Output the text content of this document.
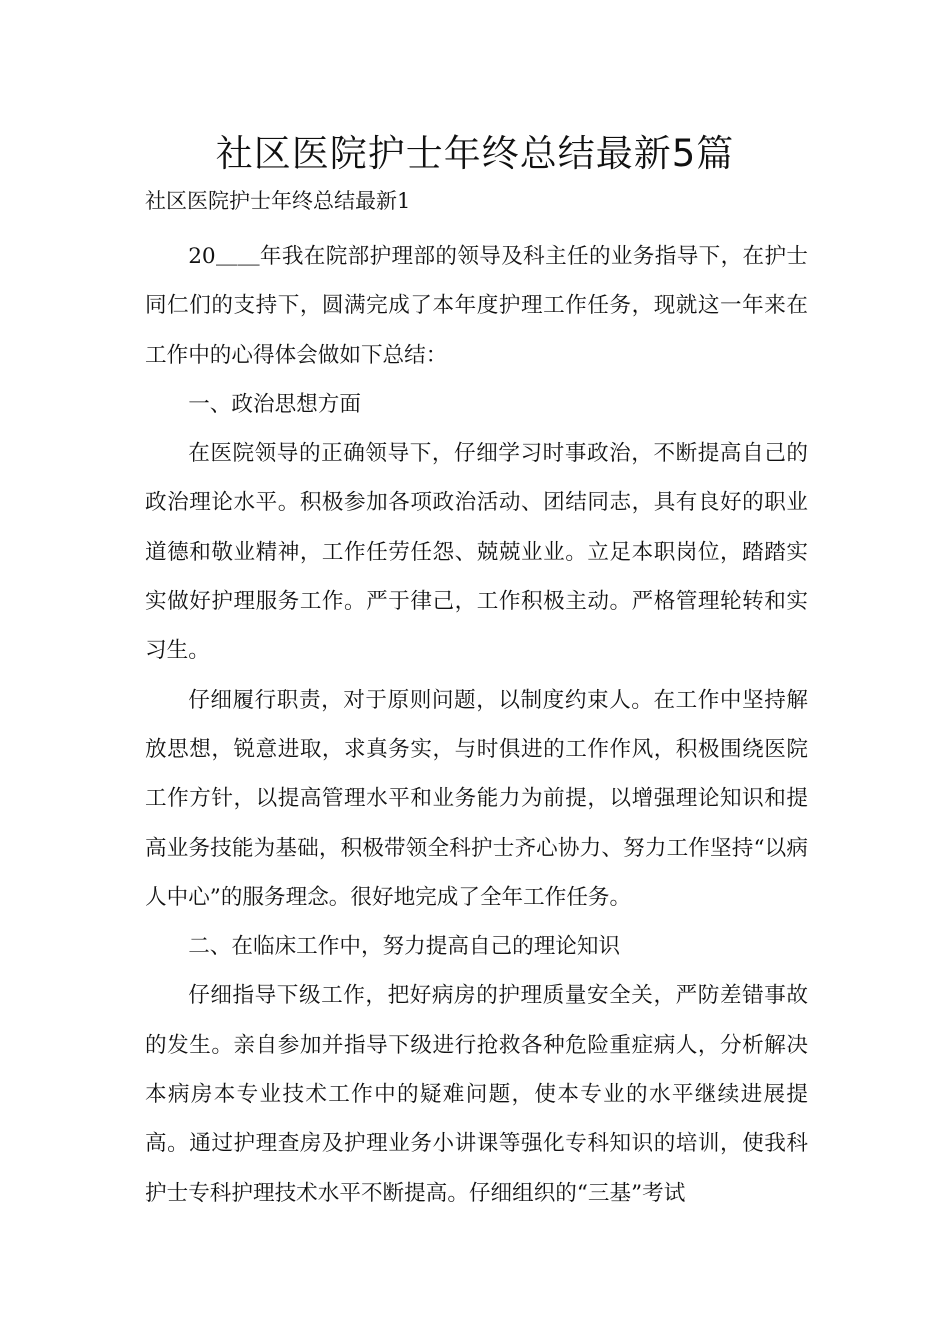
社区医院护士年终总结最新5篇

社区医院护士年终总结最新1

20＿＿年我在院部护理部的领导及科主任的业务指导下，在护士同仁们的支持下，圆满完成了本年度护理工作任务，现就这一年来在工作中的心得体会做如下总结：

一、政治思想方面

在医院领导的正确领导下，仔细学习时事政治，不断提高自己的政治理论水平。积极参加各项政治活动、团结同志，具有良好的职业道德和敬业精神，工作任劳任怨、兢兢业业。立足本职岗位，踏踏实实做好护理服务工作。严于律己，工作积极主动。严格管理轮转和实习生。

仔细履行职责，对于原则问题，以制度约束人。在工作中坚持解放思想，锐意进取，求真务实，与时俱进的工作作风，积极围绕医院工作方针，以提高管理水平和业务能力为前提，以增强理论知识和提高业务技能为基础，积极带领全科护士齐心协力、努力工作坚持“以病人中心”的服务理念。很好地完成了全年工作任务。

二、在临床工作中，努力提高自己的理论知识

仔细指导下级工作，把好病房的护理质量安全关，严防差错事故的发生。亲自参加并指导下级进行抢救各种危险重症病人，分析解决本病房本专业技术工作中的疑难问题，使本专业的水平继续进展提高。通过护理查房及护理业务小讲课等强化专科知识的培训，使我科护士专科护理技术水平不断提高。仔细组织的“三基”考试
